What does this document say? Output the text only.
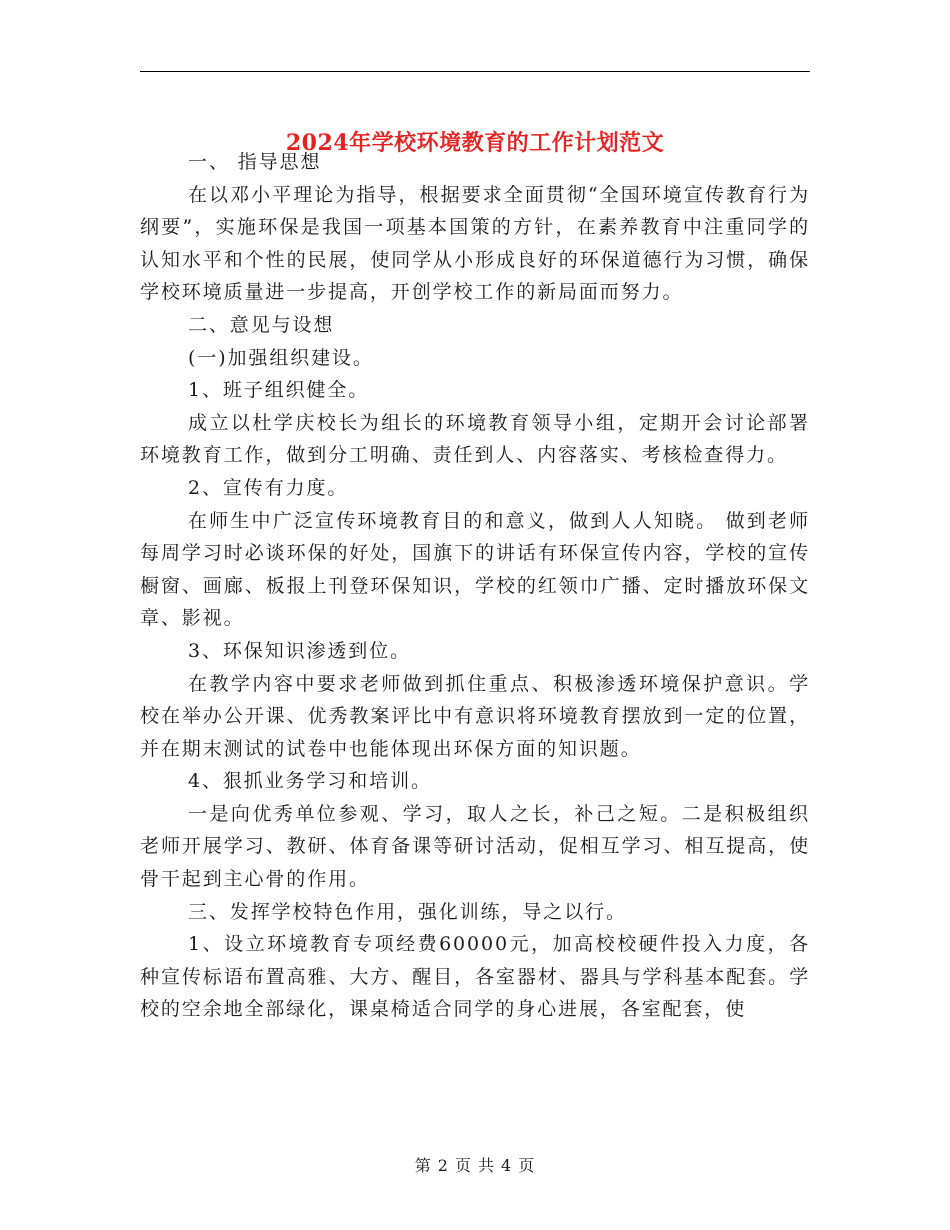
2024年学校环境教育的工作计划范文

一、 指导思想

在以邓小平理论为指导，根据要求全面贯彻“全国环境宣传教育行为纲要”，实施环保是我国一项基本国策的方针，在素养教育中注重同学的认知水平和个性的民展，使同学从小形成良好的环保道德行为习惯，确保学校环境质量进一步提高，开创学校工作的新局面而努力。

二、意见与设想

(一)加强组织建设。

1、班子组织健全。

成立以杜学庆校长为组长的环境教育领导小组，定期开会讨论部署环境教育工作，做到分工明确、责任到人、内容落实、考核检查得力。

2、宣传有力度。

在师生中广泛宣传环境教育目的和意义，做到人人知晓。 做到老师每周学习时必谈环保的好处，国旗下的讲话有环保宣传内容，学校的宣传橱窗、画廊、板报上刊登环保知识，学校的红领巾广播、定时播放环保文章、影视。

3、环保知识渗透到位。

在教学内容中要求老师做到抓住重点、积极渗透环境保护意识。学校在举办公开课、优秀教案评比中有意识将环境教育摆放到一定的位置，并在期末测试的试卷中也能体现出环保方面的知识题。

4、狠抓业务学习和培训。

一是向优秀单位参观、学习，取人之长，补己之短。二是积极组织老师开展学习、教研、体育备课等研讨活动，促相互学习、相互提高，使骨干起到主心骨的作用。

三、发挥学校特色作用，强化训练，导之以行。

1、设立环境教育专项经费60000元，加高校校硬件投入力度，各种宣传标语布置高雅、大方、醒目，各室器材、器具与学科基本配套。学校的空余地全部绿化，课桌椅适合同学的身心进展，各室配套，使

第 2 页 共 4 页
